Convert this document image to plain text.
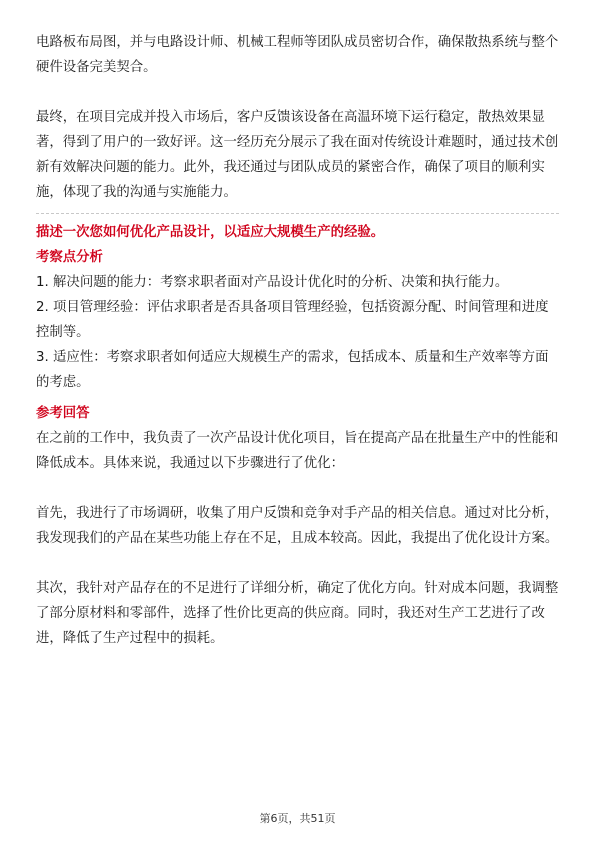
电路板布局图，并与电路设计师、机械工程师等团队成员密切合作，确保散热系统与整个硬件设备完美契合。

最终，在项目完成并投入市场后，客户反馈该设备在高温环境下运行稳定，散热效果显著，得到了用户的一致好评。这一经历充分展示了我在面对传统设计难题时，通过技术创新有效解决问题的能力。此外，我还通过与团队成员的紧密合作，确保了项目的顺利实施，体现了我的沟通与实施能力。

描述一次您如何优化产品设计，以适应大规模生产的经验。

考察点分析

1. 解决问题的能力：考察求职者面对产品设计优化时的分析、决策和执行能力。

2. 项目管理经验：评估求职者是否具备项目管理经验，包括资源分配、时间管理和进度控制等。

3. 适应性：考察求职者如何适应大规模生产的需求，包括成本、质量和生产效率等方面的考虑。

参考回答

在之前的工作中，我负责了一次产品设计优化项目，旨在提高产品在批量生产中的性能和降低成本。具体来说，我通过以下步骤进行了优化：

首先，我进行了市场调研，收集了用户反馈和竞争对手产品的相关信息。通过对比分析，我发现我们的产品在某些功能上存在不足，且成本较高。因此，我提出了优化设计方案。

其次，我针对产品存在的不足进行了详细分析，确定了优化方向。针对成本问题，我调整了部分原材料和零部件，选择了性价比更高的供应商。同时，我还对生产工艺进行了改进，降低了生产过程中的损耗。

第6页，共51页
